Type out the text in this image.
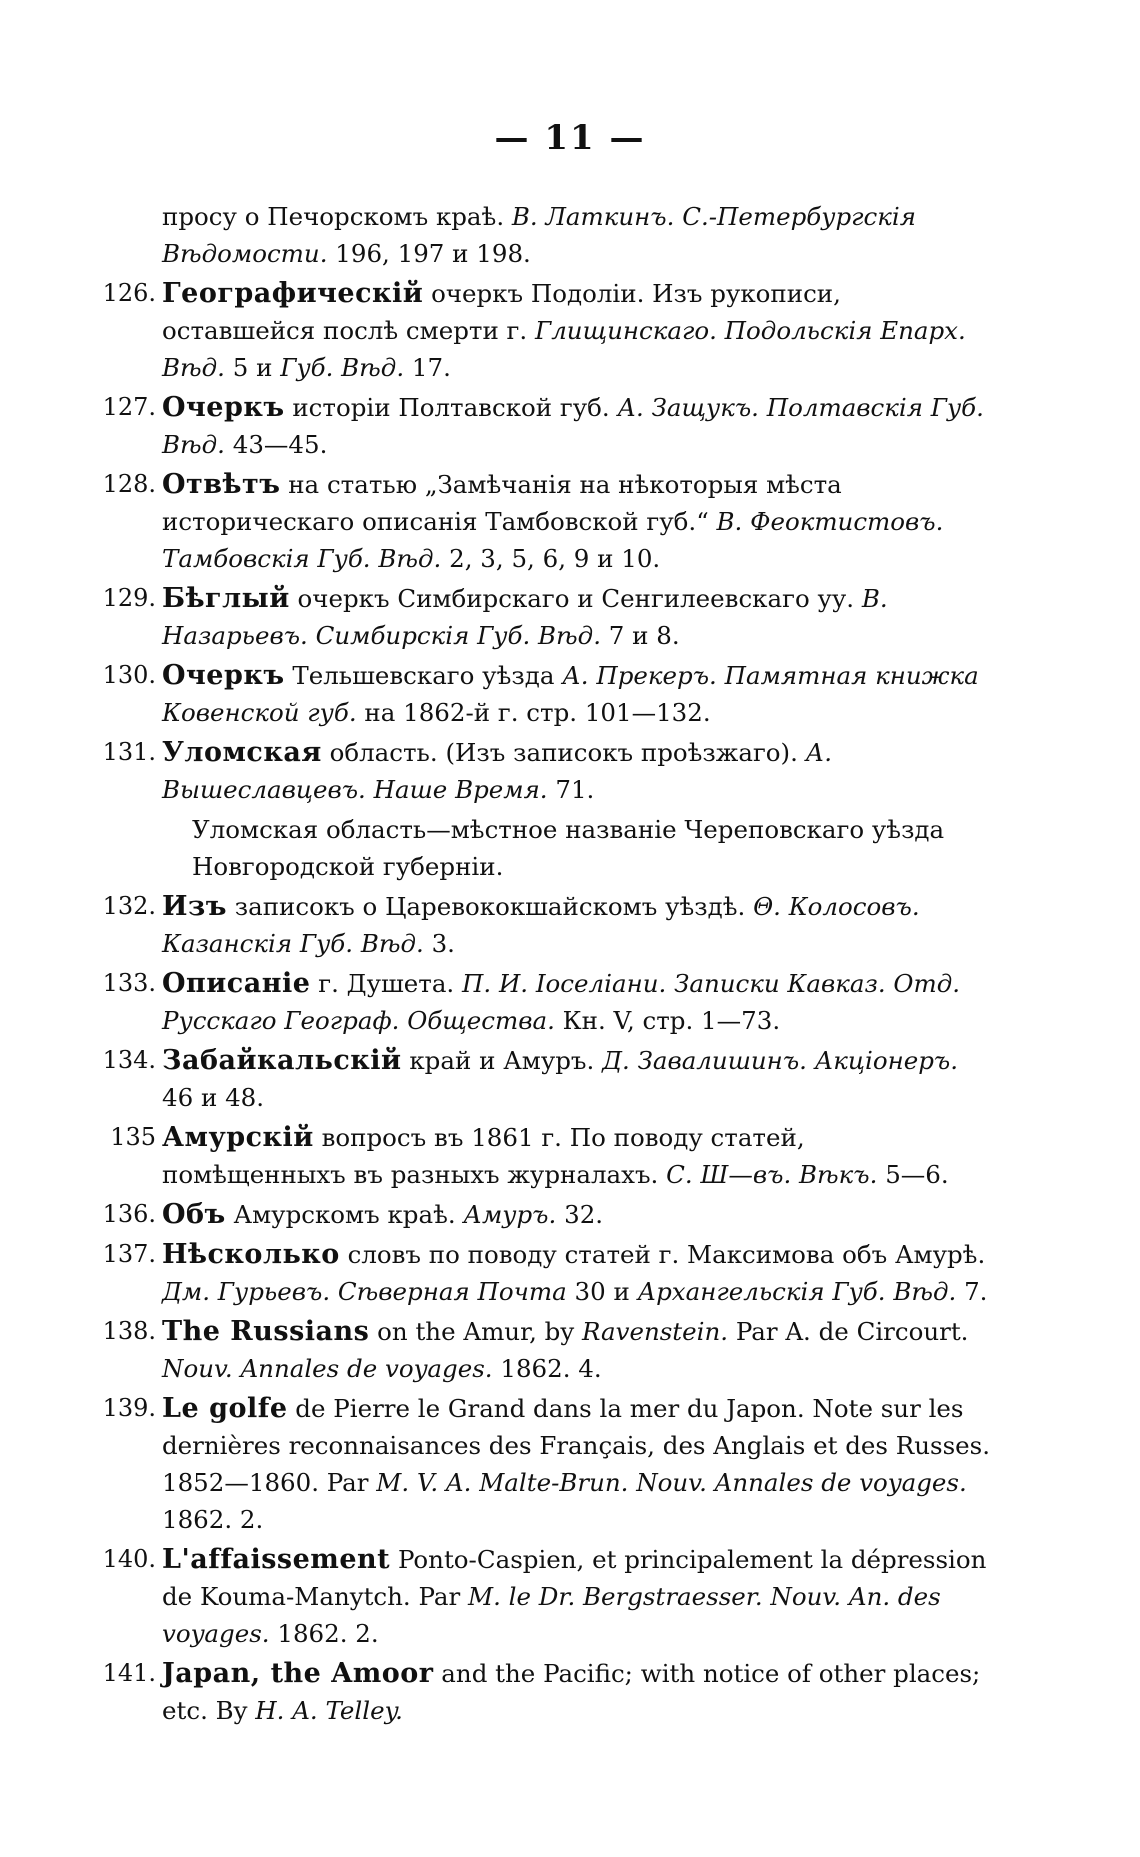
— 11 —
просу о Печорскомъ краѣ. В. Латкинъ. С.-Петербургскія Вѣдомости. 196, 197 и 198.
126. Географическій очеркъ Подоліи. Изъ рукописи, оставшейся послѣ смерти г. Глищинскаго. Подольскія Епарх. Вѣд. 5 и Губ. Вѣд. 17.
127. Очеркъ исторіи Полтавской губ. А. Защукъ. Полтавскія Губ. Вѣд. 43—45.
128. Отвѣтъ на статью „Замѣчанія на нѣкоторыя мѣста историческаго описанія Тамбовской губ.“ В. Феоктистовъ. Тамбовскія Губ. Вѣд. 2, 3, 5, 6, 9 и 10.
129. Бѣглый очеркъ Симбирскаго и Сенгилеевскаго уу. В. Назарьевъ. Симбирскія Губ. Вѣд. 7 и 8.
130. Очеркъ Тельшевскаго уѣзда А. Прекеръ. Памятная книжка Ковенской губ. на 1862-й г. стр. 101—132.
131. Уломская область. (Изъ записокъ проѣзжаго). А. Вышеславцевъ. Наше Время. 71.
Уломская область—мѣстное названіе Череповскаго уѣзда Новгородской губерніи.
132. Изъ записокъ о Царевококшайскомъ уѣздѣ. Θ. Колосовъ. Казанскія Губ. Вѣд. 3.
133. Описаніе г. Душета. П. И. Іоселіани. Записки Кавказ. Отд. Русскаго Географ. Общества. Кн. V, стр. 1—73.
134. Забайкальскій край и Амуръ. Д. Завалишинъ. Акціонеръ. 46 и 48.
135 Амурскій вопросъ въ 1861 г. По поводу статей, помѣщенныхъ въ разныхъ журналахъ. С. Ш—въ. Вѣкъ. 5—6.
136. Объ Амурскомъ краѣ. Амуръ. 32.
137. Нѣсколько словъ по поводу статей г. Максимова объ Амурѣ. Дм. Гурьевъ. Сѣверная Почта 30 и Архангельскія Губ. Вѣд. 7.
138. The Russians on the Amur, by Ravenstein. Par A. de Circourt. Nouv. Annales de voyages. 1862. 4.
139. Le golfe de Pierre le Grand dans la mer du Japon. Note sur les dernières reconnaisances des Français, des Anglais et des Russes. 1852—1860. Par M. V. A. Malte-Brun. Nouv. Annales de voyages. 1862. 2.
140. L'affaissement Ponto-Caspien, et principalement la dépression de Kouma-Manytch. Par M. le Dr. Bergstraesser. Nouv. An. des voyages. 1862. 2.
141. Japan, the Amoor and the Pacific; with notice of other places; etc. By H. A. Telley.
